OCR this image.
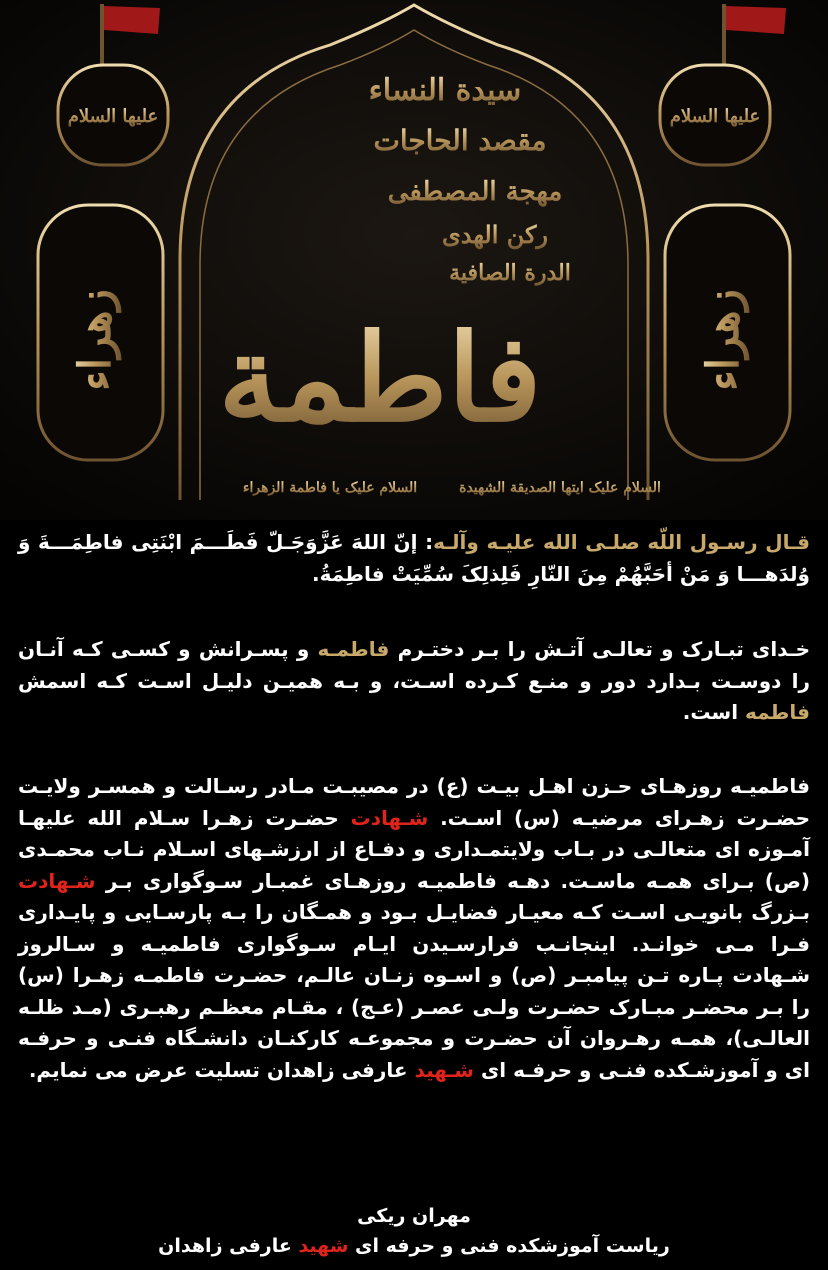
علیها السلام	علیها السلام
زهراء	زهراء
سيدة النساء
مقصد الحاجات
مهجة المصطفى
ركن الهدى
الدرة الصافية
فاطمة
السلام علیک یا فاطمة الزهراء	السلام علیک ایتها الصدیقة الشهیدة
قـال رسـول اللّه صلـی الله علیـه وآلـه: إنّ اللهَ عَزَّوَجَـلّ فَطَـــمَ ابْنَتِی فاطِمَـــةَ وَ وُلدَهـــا وَ مَنْ أحَبَّهُمْ مِنَ النّارِ فَلِذلِکَ سُمِّیَتْ فاطِمَةُ.
خـدای تبـارک و تعالـی آتـش را بـر دختـرم فاطمـه و پسـرانش و کسـی کـه آنـان را دوسـت بـدارد دور و منـع کـرده اسـت، و بـه همیـن دلیـل اسـت کـه اسمش فاطمه است.
فاطمیـه روزهـای حـزن اهـل بیـت (ع) در مصیبـت مـادر رسـالت و همسـر ولایـت حضـرت زهـرای مرضیـه (س) اسـت. شـهادت حضـرت زهـرا سـلام الله علیهـا آمـوزه ای متعالـی در بـاب ولایتمـداری و دفـاع از ارزشـهای اسـلام نـاب محمـدی (ص) بـرای همـه ماسـت. دهـه فاطمیـه روزهـای غمبـار سـوگواری بـر شـهادت بـزرگ بانویـی اسـت کـه معیـار فضایـل بـود و همـگان را بـه پارسـایی و پایـداری فـرا مـی خوانـد. اینجانـب فرارسـیدن ایـام سـوگواری فاطمیـه و سـالروز شـهادت پـاره تـن پیامبـر (ص) و اسـوه زنـان عالـم، حضـرت فاطمـه زهـرا (س) را بـر محضـر مبـارک حضـرت ولـی عصـر (عـج) ، مقـام معظـم رهبـری (مـد ظلـه العالـی)، همـه رهـروان آن حضـرت و مجموعـه کارکنـان دانشـگاه فنـی و حرفـه ای و آموزشـکده فنـی و حرفـه ای شـهید عارفی زاهدان تسلیت عرض می نمایم.
مهران ریکی
ریاست آموزشکده فنی و حرفه ای شهید عارفی زاهدان
